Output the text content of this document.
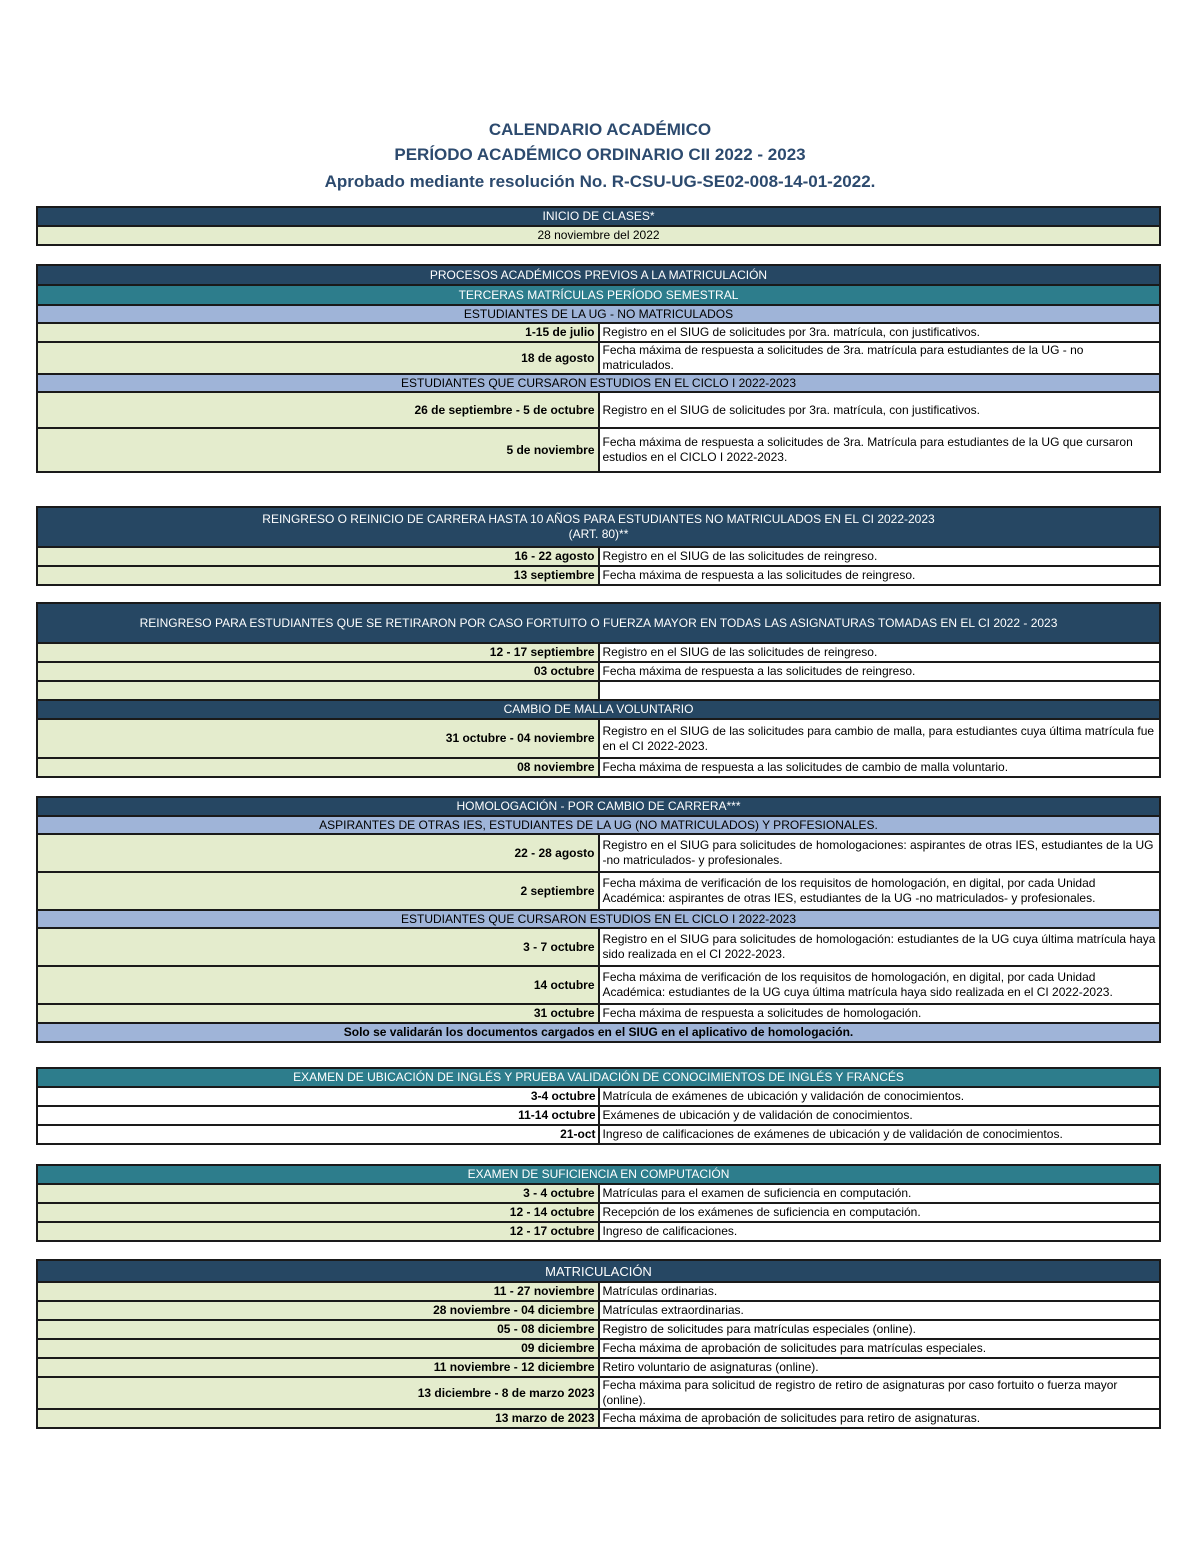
CALENDARIO ACADÉMICO
PERÍODO ACADÉMICO ORDINARIO CII 2022 - 2023
Aprobado mediante resolución No. R-CSU-UG-SE02-008-14-01-2022.
INICIO DE CLASES*
28 noviembre del 2022
PROCESOS ACADÉMICOS PREVIOS A LA MATRICULACIÓN	
TERCERAS MATRÍCULAS PERÍODO SEMESTRAL	
ESTUDIANTES DE LA UG - NO MATRICULADOS	
1-15 de julio	Registro en el SIUG de solicitudes por 3ra. matrícula, con justificativos.
18 de agosto	Fecha máxima de respuesta a solicitudes de 3ra. matrícula para estudiantes de la UG - no matriculados.
ESTUDIANTES QUE CURSARON ESTUDIOS EN EL CICLO I 2022-2023	
26 de septiembre - 5 de octubre	Registro en el SIUG de solicitudes por 3ra. matrícula, con justificativos.
5 de noviembre	Fecha máxima de respuesta a solicitudes de 3ra. Matrícula para estudiantes de la UG que cursaron estudios en el CICLO I 2022-2023.
REINGRESO O REINICIO DE CARRERA HASTA 10 AÑOS PARA ESTUDIANTES NO MATRICULADOS EN EL CI 2022-2023
(ART. 80)**	

16 - 22 agosto	Registro en el SIUG de las solicitudes de reingreso.
13 septiembre	Fecha máxima de respuesta a las solicitudes de reingreso.
REINGRESO PARA ESTUDIANTES QUE SE RETIRARON POR CASO FORTUITO O FUERZA MAYOR EN TODAS LAS ASIGNATURAS TOMADAS EN EL CI 2022 - 2023	
12 - 17 septiembre	Registro en el SIUG de las solicitudes de reingreso.
03 octubre	Fecha máxima de respuesta a las solicitudes de reingreso.

CAMBIO DE MALLA VOLUNTARIO	
31 octubre - 04 noviembre	Registro en el SIUG de las solicitudes para cambio de malla, para estudiantes cuya última matrícula fue en el CI 2022-2023.
08 noviembre	Fecha máxima de respuesta a las solicitudes de cambio de malla voluntario.
HOMOLOGACIÓN - POR CAMBIO DE CARRERA***	
ASPIRANTES DE OTRAS IES, ESTUDIANTES DE LA UG (NO MATRICULADOS) Y PROFESIONALES.	
22 - 28 agosto	Registro en el SIUG para solicitudes de homologaciones: aspirantes de otras IES, estudiantes de la UG -no matriculados- y profesionales.
2 septiembre	Fecha máxima de verificación de los requisitos de homologación, en digital, por cada Unidad Académica: aspirantes de otras IES, estudiantes de la UG -no matriculados- y profesionales.
ESTUDIANTES QUE CURSARON ESTUDIOS EN EL CICLO I 2022-2023	
3 - 7 octubre	Registro en el SIUG para solicitudes de homologación: estudiantes de la UG cuya última matrícula haya sido realizada en el CI 2022-2023.
14 octubre	Fecha máxima de verificación de los requisitos de homologación, en digital, por cada Unidad Académica: estudiantes de la UG cuya última matrícula haya sido realizada en el CI 2022-2023.
31 octubre	Fecha máxima de respuesta a solicitudes de homologación.
Solo se validarán los documentos cargados en el SIUG en el aplicativo de homologación.	
EXAMEN DE UBICACIÓN DE INGLÉS Y PRUEBA VALIDACIÓN DE CONOCIMIENTOS DE INGLÉS Y FRANCÉS	
3-4 octubre	Matrícula de exámenes de ubicación y validación de conocimientos.
11-14 octubre	Exámenes de ubicación y de validación de conocimientos.
21-oct	Ingreso de calificaciones de exámenes de ubicación y de validación de conocimientos.
EXAMEN DE SUFICIENCIA EN COMPUTACIÓN	
3 - 4 octubre	Matrículas para el examen de suficiencia en computación.
12 - 14 octubre	Recepción de los exámenes de suficiencia en computación.
12 - 17 octubre	Ingreso de calificaciones.
MATRICULACIÓN	
11 - 27 noviembre	Matrículas ordinarias.
28 noviembre - 04 diciembre	Matrículas extraordinarias.
05 - 08 diciembre	Registro de solicitudes para matrículas especiales (online).
09 diciembre	Fecha máxima de aprobación de solicitudes para matrículas especiales.
11 noviembre - 12 diciembre	Retiro voluntario de asignaturas (online).
13 diciembre - 8 de marzo 2023	Fecha máxima para solicitud de registro de retiro de asignaturas por caso fortuito o fuerza mayor (online).
13 marzo de 2023	Fecha máxima de aprobación de solicitudes para retiro de asignaturas.
